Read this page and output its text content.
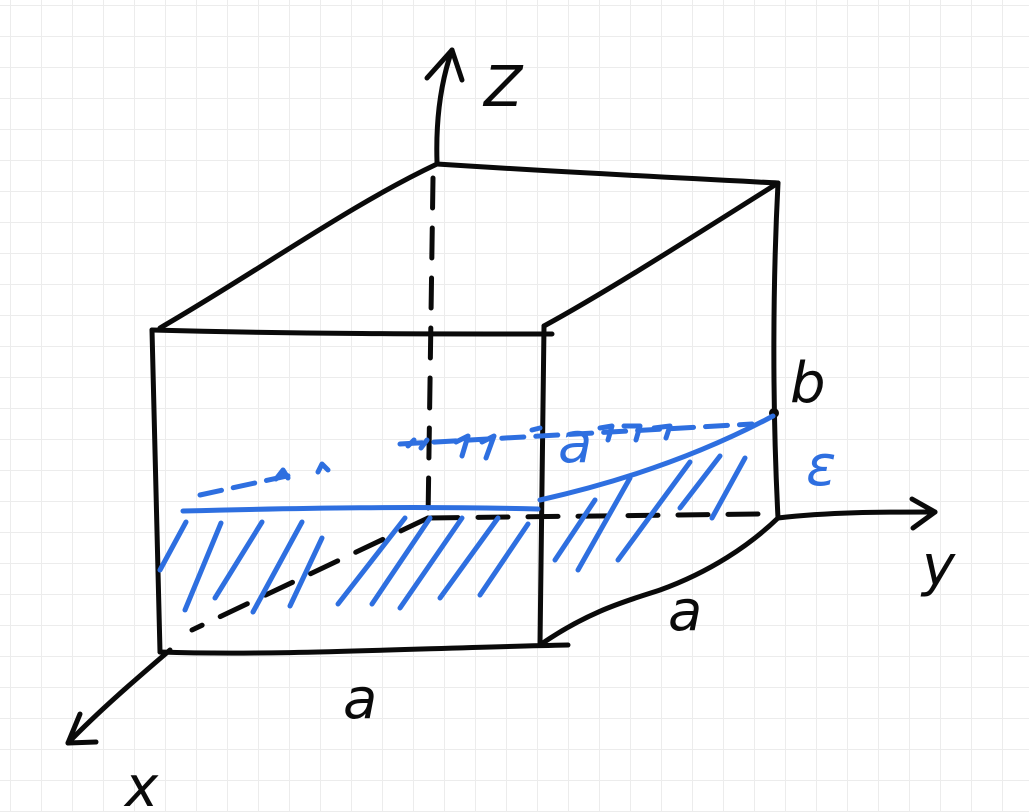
Z
y
x
b
a
a
a	ε
